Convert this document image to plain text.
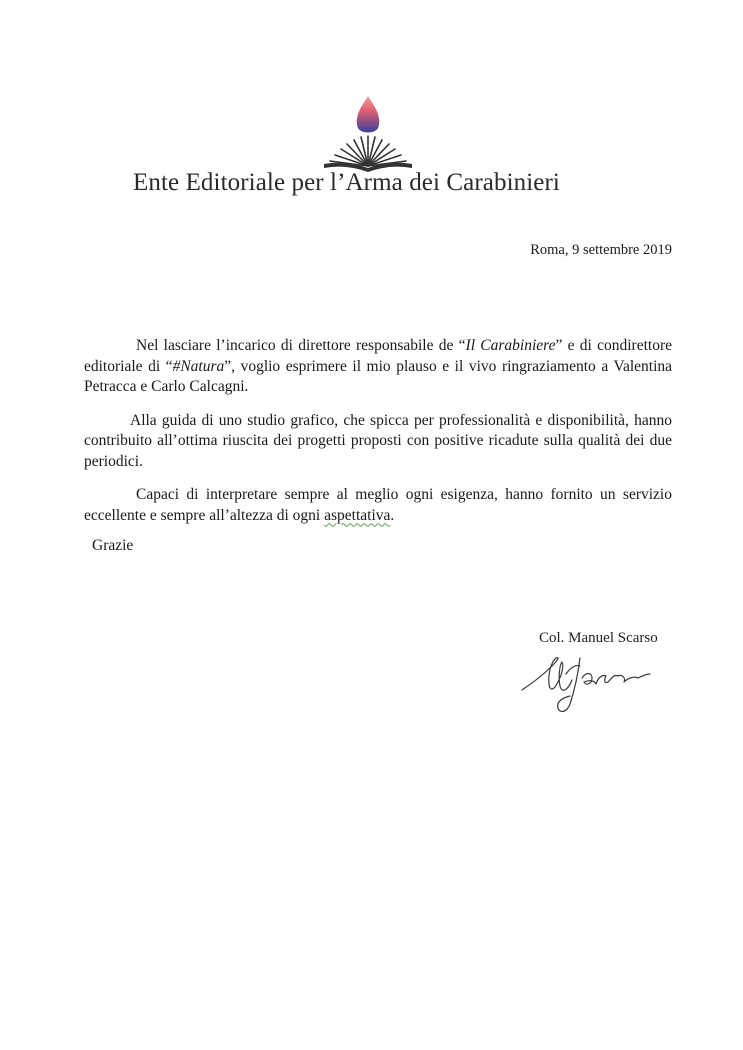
Ente Editoriale per l’Arma dei Carabinieri
Roma, 9 settembre 2019

Nel lasciare l’incarico di direttore responsabile de “Il Carabiniere” e di condirettore editoriale di “#Natura”, voglio esprimere il mio plauso e il vivo ringraziamento a Valentina Petracca e Carlo Calcagni.

Alla guida di uno studio grafico, che spicca per professionalità e disponibilità, hanno contribuito all’ottima riuscita dei progetti proposti con positive ricadute sulla qualità dei due periodici.

Capaci di interpretare sempre al meglio ogni esigenza, hanno fornito un servizio eccellente e sempre all’altezza di ogni aspettativa.

Grazie
Col. Manuel Scarso
